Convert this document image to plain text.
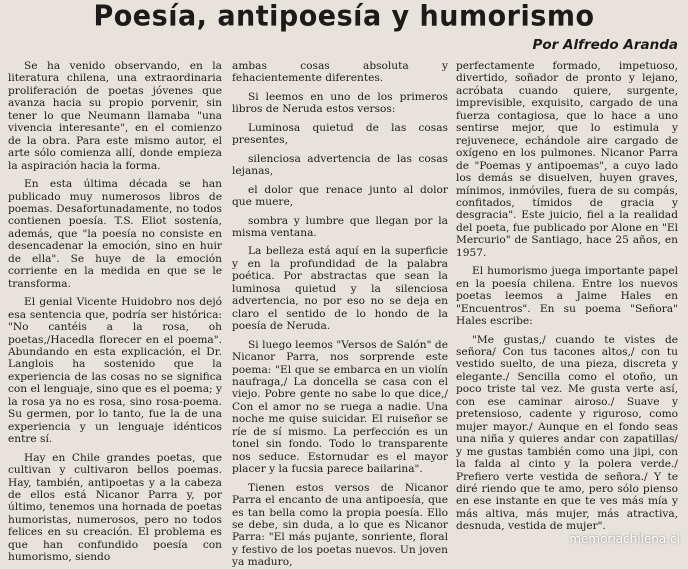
Poesía, antipoesía y humorismo
Por Alfredo Aranda

Se ha venido observando, en la literatura chilena, una extraordinaria proliferación de poetas jóvenes que avanza hacia su propio porvenir, sin tener lo que Neumann llamaba "una vivencia interesante", en el comienzo de la obra. Para este mismo autor, el arte sólo comienza allí, donde empieza la aspiración hacia la forma.

En esta última década se han publicado muy numerosos libros de poemas. Desafortunadamente, no todos contienen poesía. T.S. Eliot sostenía, además, que "la poesía no consiste en desencadenar la emoción, sino en huir de ella". Se huye de la emoción corriente en la medida en que se le transforma.

El genial Vicente Huidobro nos dejó esa sentencia que, podría ser histórica: "No cantéis a la rosa, oh poetas,/Hacedla florecer en el poema". Abundando en esta explicación, el Dr. Langlois ha sostenido que la experiencia de las cosas no se significa con el lenguaje, sino que es el poema; y la rosa ya no es rosa, sino rosa-poema. Su germen, por lo tanto, fue la de una experiencia y un lenguaje idénticos entre sí.

Hay en Chile grandes poetas, que cultivan y cultivaron bellos poemas. Hay, también, antipoetas y a la cabeza de ellos está Nicanor Parra y, por último, tenemos una hornada de poetas humoristas, numerosos, pero no todos felices en su creación. El problema es que han confundido poesía con humorismo, siendo

ambas cosas absoluta y fehacientemente diferentes.

Si leemos en uno de los primeros libros de Neruda estos versos:

Luminosa quietud de las cosas presentes,

silenciosa advertencia de las cosas lejanas,

el dolor que renace junto al dolor que muere,

sombra y lumbre que llegan por la misma ventana.

La belleza está aquí en la superficie y en la profundidad de la palabra poética. Por abstractas que sean la luminosa quietud y la silenciosa advertencia, no por eso no se deja en claro el sentido de lo hondo de la poesía de Neruda.

Si luego leemos "Versos de Salón" de Nicanor Parra, nos sorprende este poema: "El que se embarca en un violín naufraga,/ La doncella se casa con el viejo. Pobre gente no sabe lo que dice,/ Con el amor no se ruega a nadie. Una noche me quise suicidar. El ruiseñor se ríe de sí mismo. La perfección es un tonel sin fondo. Todo lo transparente nos seduce. Estornudar es el mayor placer y la fucsia parece bailarina".

Tienen estos versos de Nicanor Parra el encanto de una antipoesía, que es tan bella como la propia poesía. Ello se debe, sin duda, a lo que es Nicanor Parra: "El más pujante, sonriente, floral y festivo de los poetas nuevos. Un joven ya maduro,

perfectamente formado, impetuoso, divertido, soñador de pronto y lejano, acróbata cuando quiere, surgente, imprevisible, exquisito, cargado de una fuerza contagiosa, que lo hace a uno sentirse mejor, que lo estimula y rejuvenece, echándole aire cargado de oxígeno en los pulmones. Nicanor Parra de "Poemas y antipoemas", a cuyo lado los demás se disuelven, huyen graves, mínimos, inmóviles, fuera de su compás, confitados, tímidos de gracia y desgracia". Este juicio, fiel a la realidad del poeta, fue publicado por Alone en "El Mercurio" de Santiago, hace 25 años, en 1957.

El humorismo juega importante papel en la poesía chilena. Entre los nuevos poetas leemos a Jaime Hales en "Encuentros". En su poema "Señora" Hales escribe:

"Me gustas,/ cuando te vistes de señora/ Con tus tacones altos,/ con tu vestido suelto, de una pieza, discreta y elegante./ Sencilla como el otoño, un poco triste tal vez. Me gusta verte así, con ese caminar airoso./ Suave y pretensioso, cadente y riguroso, como mujer mayor./ Aunque en el fondo seas una niña y quieres andar con zapatillas/ y me gustas también como una jipi, con la falda al cinto y la polera verde./ Prefiero verte vestida de señora./ Y te diré riendo que te amo, pero sólo pienso en ese instante en que te ves más mía y más altiva, más mujer, más atractiva, desnuda, vestida de mujer".

memoriachilena.cl
